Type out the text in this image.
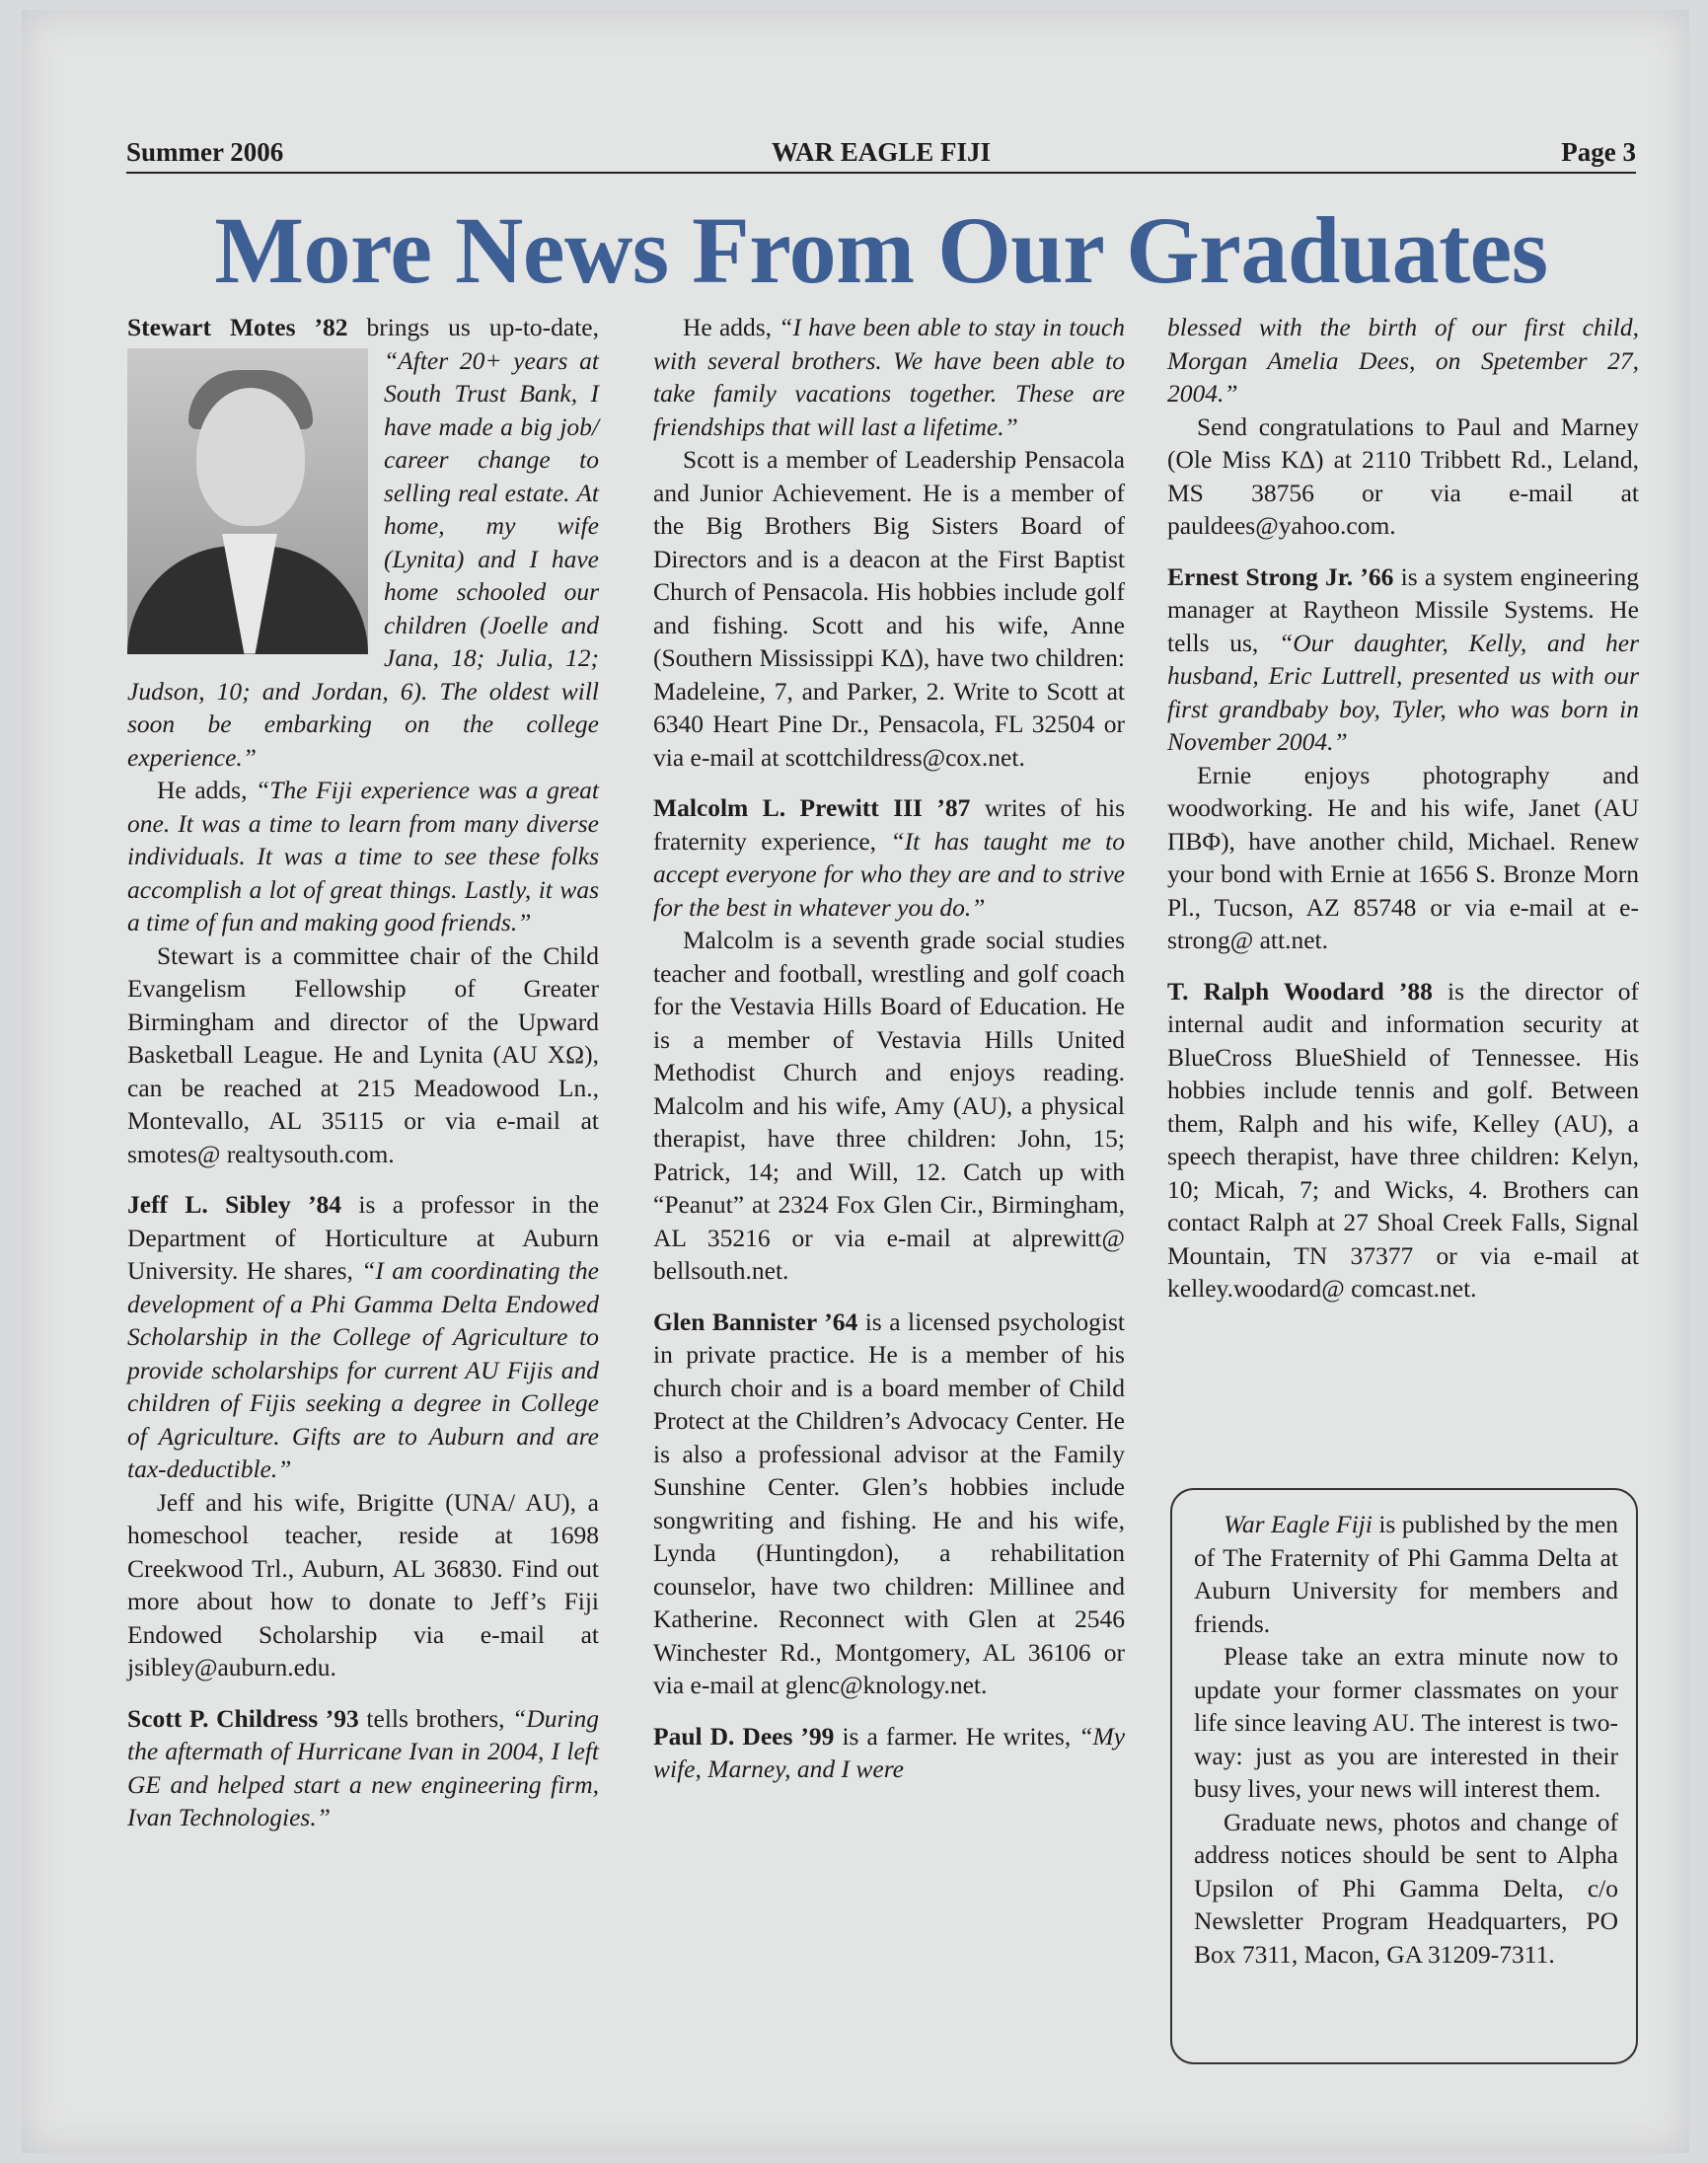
Summer 2006	WAR EAGLE FIJI	Page 3
More News From Our Graduates

Stewart Motes ’82 brings us up-to-date,
“After 20+ years at South Trust Bank, I have made a big job/ career change to selling real estate. At home, my wife (Lynita) and I have home schooled our children (Joelle and Jana, 18; Julia, 12; Judson, 10; and Jordan, 6). The oldest will soon be embarking on the college experience.”

He adds, “The Fiji experience was a great one. It was a time to learn from many diverse individuals. It was a time to see these folks accomplish a lot of great things. Lastly, it was a time of fun and making good friends.”

Stewart is a committee chair of the Child Evangelism Fellowship of Greater Birmingham and director of the Upward Basketball League. He and Lynita (AU XΩ), can be reached at 215 Meadowood Ln., Montevallo, AL 35115 or via e-mail at smotes@ realtysouth.com.

Jeff L. Sibley ’84 is a professor in the Department of Horticulture at Auburn University. He shares, “I am coordinating the development of a Phi Gamma Delta Endowed Scholarship in the College of Agriculture to provide scholarships for current AU Fijis and children of Fijis seeking a degree in College of Agriculture. Gifts are to Auburn and are tax-deductible.”

Jeff and his wife, Brigitte (UNA/ AU), a homeschool teacher, reside at 1698 Creekwood Trl., Auburn, AL 36830. Find out more about how to donate to Jeff’s Fiji Endowed Scholarship via e-mail at jsibley@auburn.edu.

Scott P. Childress ’93 tells brothers, “During the aftermath of Hurricane Ivan in 2004, I left GE and helped start a new engineering firm, Ivan Technologies.”

He adds, “I have been able to stay in touch with several brothers. We have been able to take family vacations together. These are friendships that will last a lifetime.”

Scott is a member of Leadership Pensacola and Junior Achievement. He is a member of the Big Brothers Big Sisters Board of Directors and is a deacon at the First Baptist Church of Pensacola. His hobbies include golf and fishing. Scott and his wife, Anne (Southern Mississippi KΔ), have two children: Madeleine, 7, and Parker, 2. Write to Scott at 6340 Heart Pine Dr., Pensacola, FL 32504 or via e-mail at scottchildress@cox.net.

Malcolm L. Prewitt III ’87 writes of his fraternity experience, “It has taught me to accept everyone for who they are and to strive for the best in whatever you do.”

Malcolm is a seventh grade social studies teacher and football, wrestling and golf coach for the Vestavia Hills Board of Education. He is a member of Vestavia Hills United Methodist Church and enjoys reading. Malcolm and his wife, Amy (AU), a physical therapist, have three children: John, 15; Patrick, 14; and Will, 12. Catch up with “Peanut” at 2324 Fox Glen Cir., Birmingham, AL 35216 or via e-mail at alprewitt@ bellsouth.net.

Glen Bannister ’64 is a licensed psychologist in private practice. He is a member of his church choir and is a board member of Child Protect at the Children’s Advocacy Center. He is also a professional advisor at the Family Sunshine Center. Glen’s hobbies include songwriting and fishing. He and his wife, Lynda (Huntingdon), a rehabilitation counselor, have two children: Millinee and Katherine. Reconnect with Glen at 2546 Winchester Rd., Montgomery, AL 36106 or via e-mail at glenc@knology.net.

Paul D. Dees ’99 is a farmer. He writes, “My wife, Marney, and I were

blessed with the birth of our first child, Morgan Amelia Dees, on Spetember 27, 2004.”

Send congratulations to Paul and Marney (Ole Miss KΔ) at 2110 Tribbett Rd., Leland, MS 38756 or via e-mail at pauldees@yahoo.com.

Ernest Strong Jr. ’66 is a system engineering manager at Raytheon Missile Systems. He tells us, “Our daughter, Kelly, and her husband, Eric Luttrell, presented us with our first grandbaby boy, Tyler, who was born in November 2004.”

Ernie enjoys photography and woodworking. He and his wife, Janet (AU ΠΒΦ), have another child, Michael. Renew your bond with Ernie at 1656 S. Bronze Morn Pl., Tucson, AZ 85748 or via e-mail at e-strong@ att.net.

T. Ralph Woodard ’88 is the director of internal audit and information security at BlueCross BlueShield of Tennessee. His hobbies include tennis and golf. Between them, Ralph and his wife, Kelley (AU), a speech therapist, have three children: Kelyn, 10; Micah, 7; and Wicks, 4. Brothers can contact Ralph at 27 Shoal Creek Falls, Signal Mountain, TN 37377 or via e-mail at kelley.woodard@ comcast.net.

War Eagle Fiji is published by the men of The Fraternity of Phi Gamma Delta at Auburn University for members and friends.

Please take an extra minute now to update your former classmates on your life since leaving AU. The interest is two-way: just as you are interested in their busy lives, your news will interest them.

Graduate news, photos and change of address notices should be sent to Alpha Upsilon of Phi Gamma Delta, c/o Newsletter Program Headquarters, PO Box 7311, Macon, GA 31209-7311.
